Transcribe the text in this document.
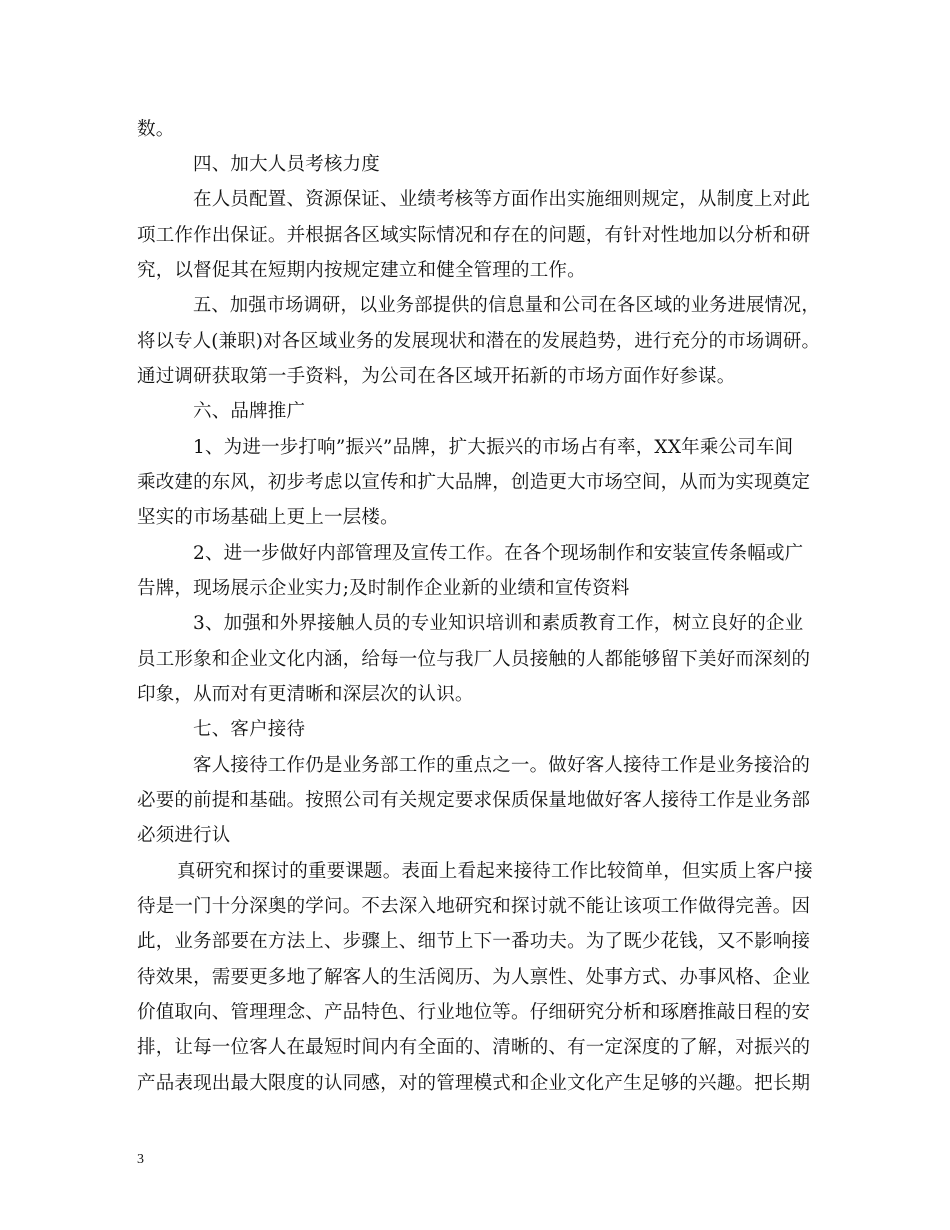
数。
四、加大人员考核力度
在人员配置、资源保证、业绩考核等方面作出实施细则规定，从制度上对此
项工作作出保证。并根据各区域实际情况和存在的问题，有针对性地加以分析和研
究，以督促其在短期内按规定建立和健全管理的工作。
五、加强市场调研，以业务部提供的信息量和公司在各区域的业务进展情况，
将以专人(兼职)对各区域业务的发展现状和潜在的发展趋势，进行充分的市场调研。
通过调研获取第一手资料，为公司在各区域开拓新的市场方面作好参谋。
六、品牌推广
1、为进一步打响”振兴”品牌，扩大振兴的市场占有率，XX年乘公司车间
乘改建的东风，初步考虑以宣传和扩大品牌，创造更大市场空间，从而为实现奠定
坚实的市场基础上更上一层楼。
2、进一步做好内部管理及宣传工作。在各个现场制作和安装宣传条幅或广
告牌，现场展示企业实力;及时制作企业新的业绩和宣传资料
3、加强和外界接触人员的专业知识培训和素质教育工作，树立良好的企业
员工形象和企业文化内涵，给每一位与我厂人员接触的人都能够留下美好而深刻的
印象，从而对有更清晰和深层次的认识。
七、客户接待
客人接待工作仍是业务部工作的重点之一。做好客人接待工作是业务接洽的
必要的前提和基础。按照公司有关规定要求保质保量地做好客人接待工作是业务部
必须进行认
真研究和探讨的重要课题。表面上看起来接待工作比较简单，但实质上客户接
待是一门十分深奥的学问。不去深入地研究和探讨就不能让该项工作做得完善。因
此，业务部要在方法上、步骤上、细节上下一番功夫。为了既少花钱，又不影响接
待效果，需要更多地了解客人的生活阅历、为人禀性、处事方式、办事风格、企业
价值取向、管理理念、产品特色、行业地位等。仔细研究分析和琢磨推敲日程的安
排，让每一位客人在最短时间内有全面的、清晰的、有一定深度的了解，对振兴的
产品表现出最大限度的认同感，对的管理模式和企业文化产生足够的兴趣。把长期
3
